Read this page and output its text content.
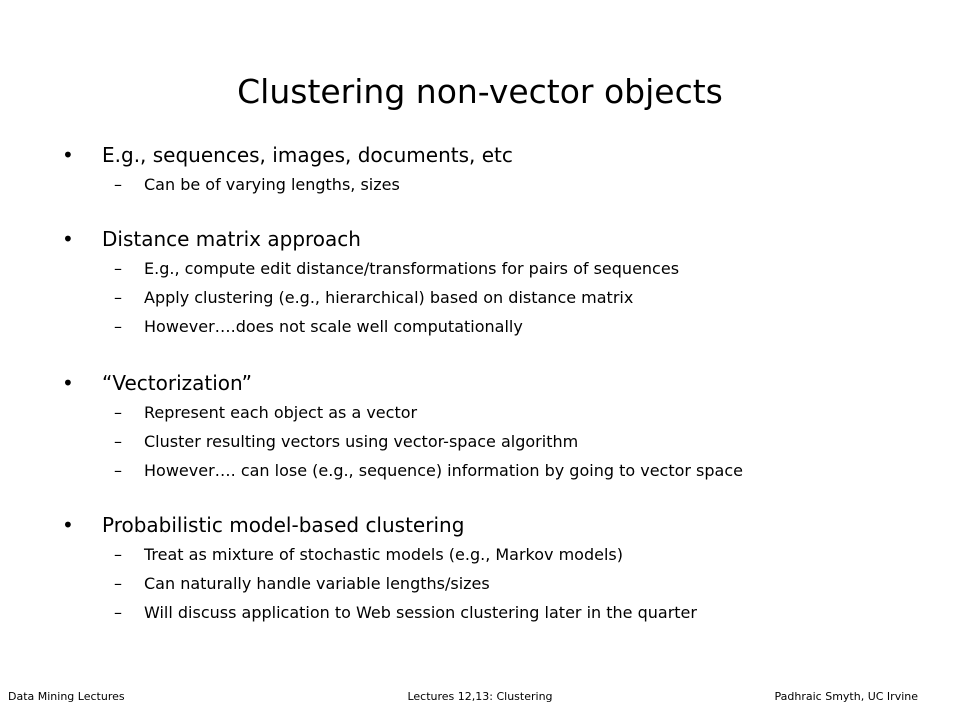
Clustering non-vector objects
• E.g., sequences, images, documents, etc
– Can be of varying lengths, sizes
• Distance matrix approach
– E.g., compute edit distance/transformations for pairs of sequences
– Apply clustering (e.g., hierarchical) based on distance matrix
– However….does not scale well computationally
• “Vectorization”
– Represent each object as a vector
– Cluster resulting vectors using vector-space algorithm
– However…. can lose (e.g., sequence) information by going to vector space
• Probabilistic model-based clustering
– Treat as mixture of stochastic models (e.g., Markov models)
– Can naturally handle variable lengths/sizes
– Will discuss application to Web session clustering later in the quarter
Data Mining Lectures	Lectures 12,13: Clustering	Padhraic Smyth, UC Irvine
